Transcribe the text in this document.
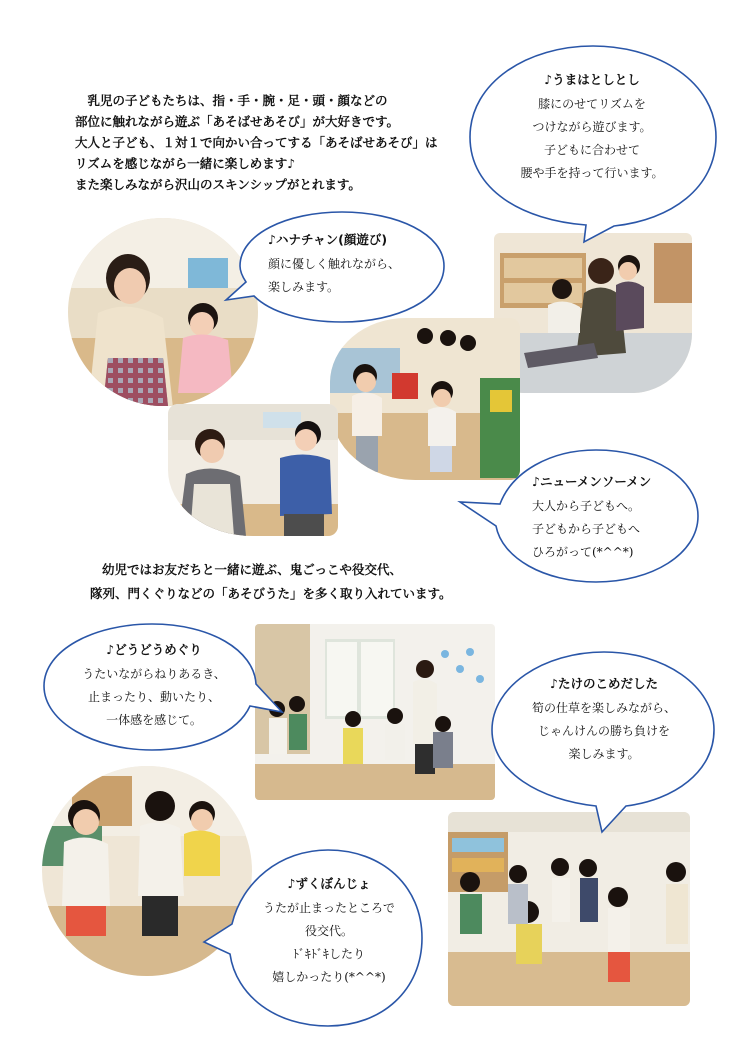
　乳児の子どもたちは、指・手・腕・足・頭・顔などの
部位に触れながら遊ぶ「あそばせあそび」が大好きです。
大人と子ども、１対１で向かい合ってする「あそばせあそび」は
リズムを感じながら一緒に楽しめます♪
また楽しみながら沢山のスキンシップがとれます。
幼児ではお友だちと一緒に遊ぶ、鬼ごっこや役交代、
隊列、門くぐりなどの「あそびうた」を多く取り入れています。
♪うまはとしとし
膝にのせてリズムを
つけながら遊びます。
子どもに合わせて
腰や手を持って行います。
♪ハナチャン(顔遊び)
顔に優しく触れながら、
楽しみます。
♪ニューメンソーメン
大人から子どもへ。
子どもから子どもへ
ひろがって(*^^*)
♪どうどうめぐり
うたいながらねりあるき、
止まったり、動いたり、
一体感を感じて。
♪たけのこめだした
筍の仕草を楽しみながら、
じゃんけんの勝ち負けを
楽しみます。
♪ずくぼんじょ
うたが止まったところで
役交代。
ﾄﾞｷﾄﾞｷしたり
嬉しかったり(*^^*)
